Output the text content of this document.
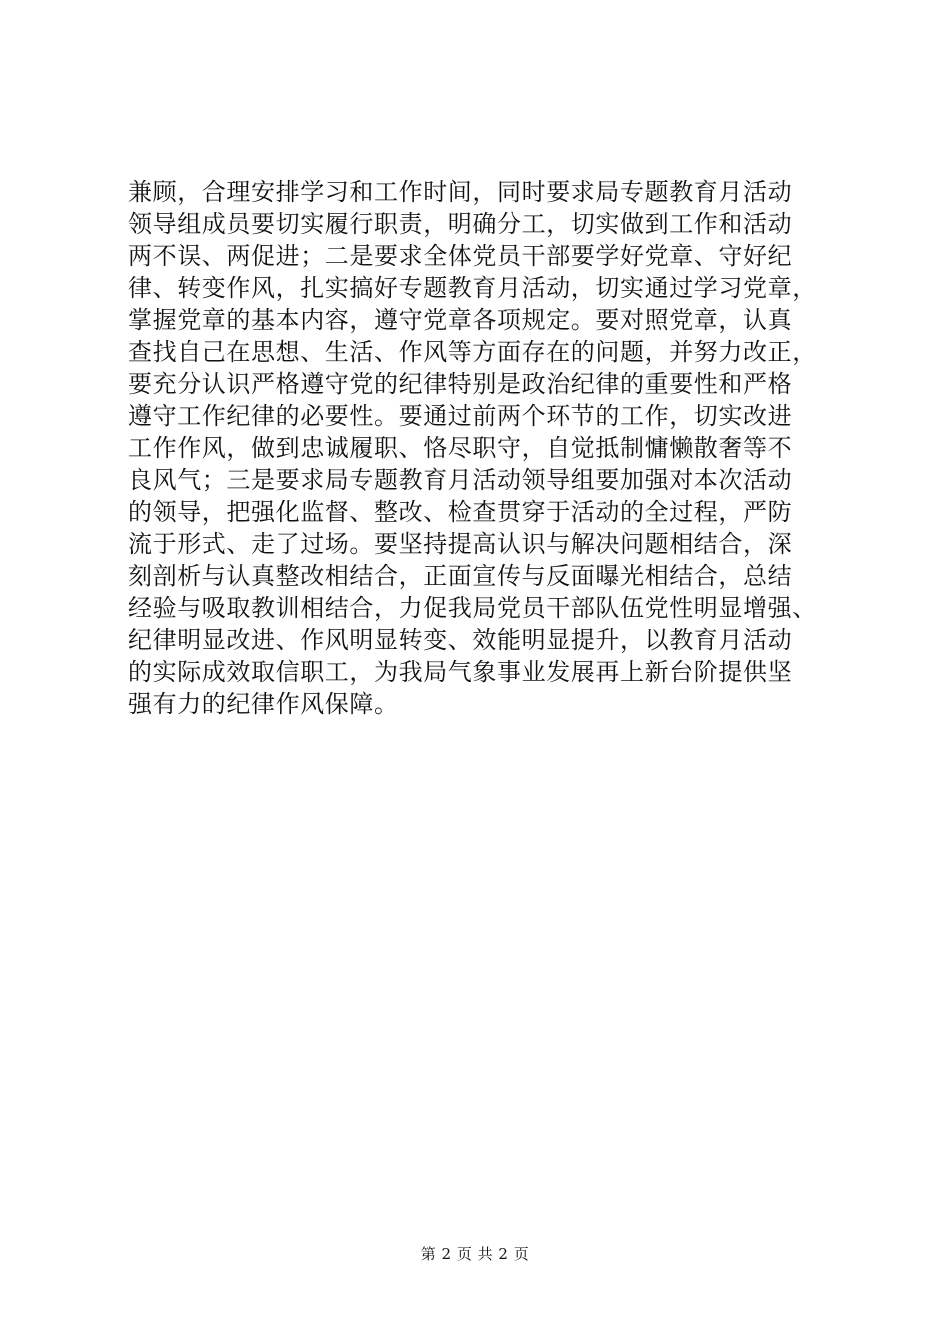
兼顾，合理安排学习和工作时间，同时要求局专题教育月活动
领导组成员要切实履行职责，明确分工，切实做到工作和活动
两不误、两促进；二是要求全体党员干部要学好党章、守好纪
律、转变作风，扎实搞好专题教育月活动，切实通过学习党章，
掌握党章的基本内容，遵守党章各项规定。要对照党章，认真
查找自己在思想、生活、作风等方面存在的问题，并努力改正，
要充分认识严格遵守党的纪律特别是政治纪律的重要性和严格
遵守工作纪律的必要性。要通过前两个环节的工作，切实改进
工作作风，做到忠诚履职、恪尽职守，自觉抵制慵懒散奢等不
良风气；三是要求局专题教育月活动领导组要加强对本次活动
的领导，把强化监督、整改、检查贯穿于活动的全过程，严防
流于形式、走了过场。要坚持提高认识与解决问题相结合，深
刻剖析与认真整改相结合，正面宣传与反面曝光相结合，总结
经验与吸取教训相结合，力促我局党员干部队伍党性明显增强、
纪律明显改进、作风明显转变、效能明显提升，以教育月活动
的实际成效取信职工，为我局气象事业发展再上新台阶提供坚
强有力的纪律作风保障。
第 2 页 共 2 页
